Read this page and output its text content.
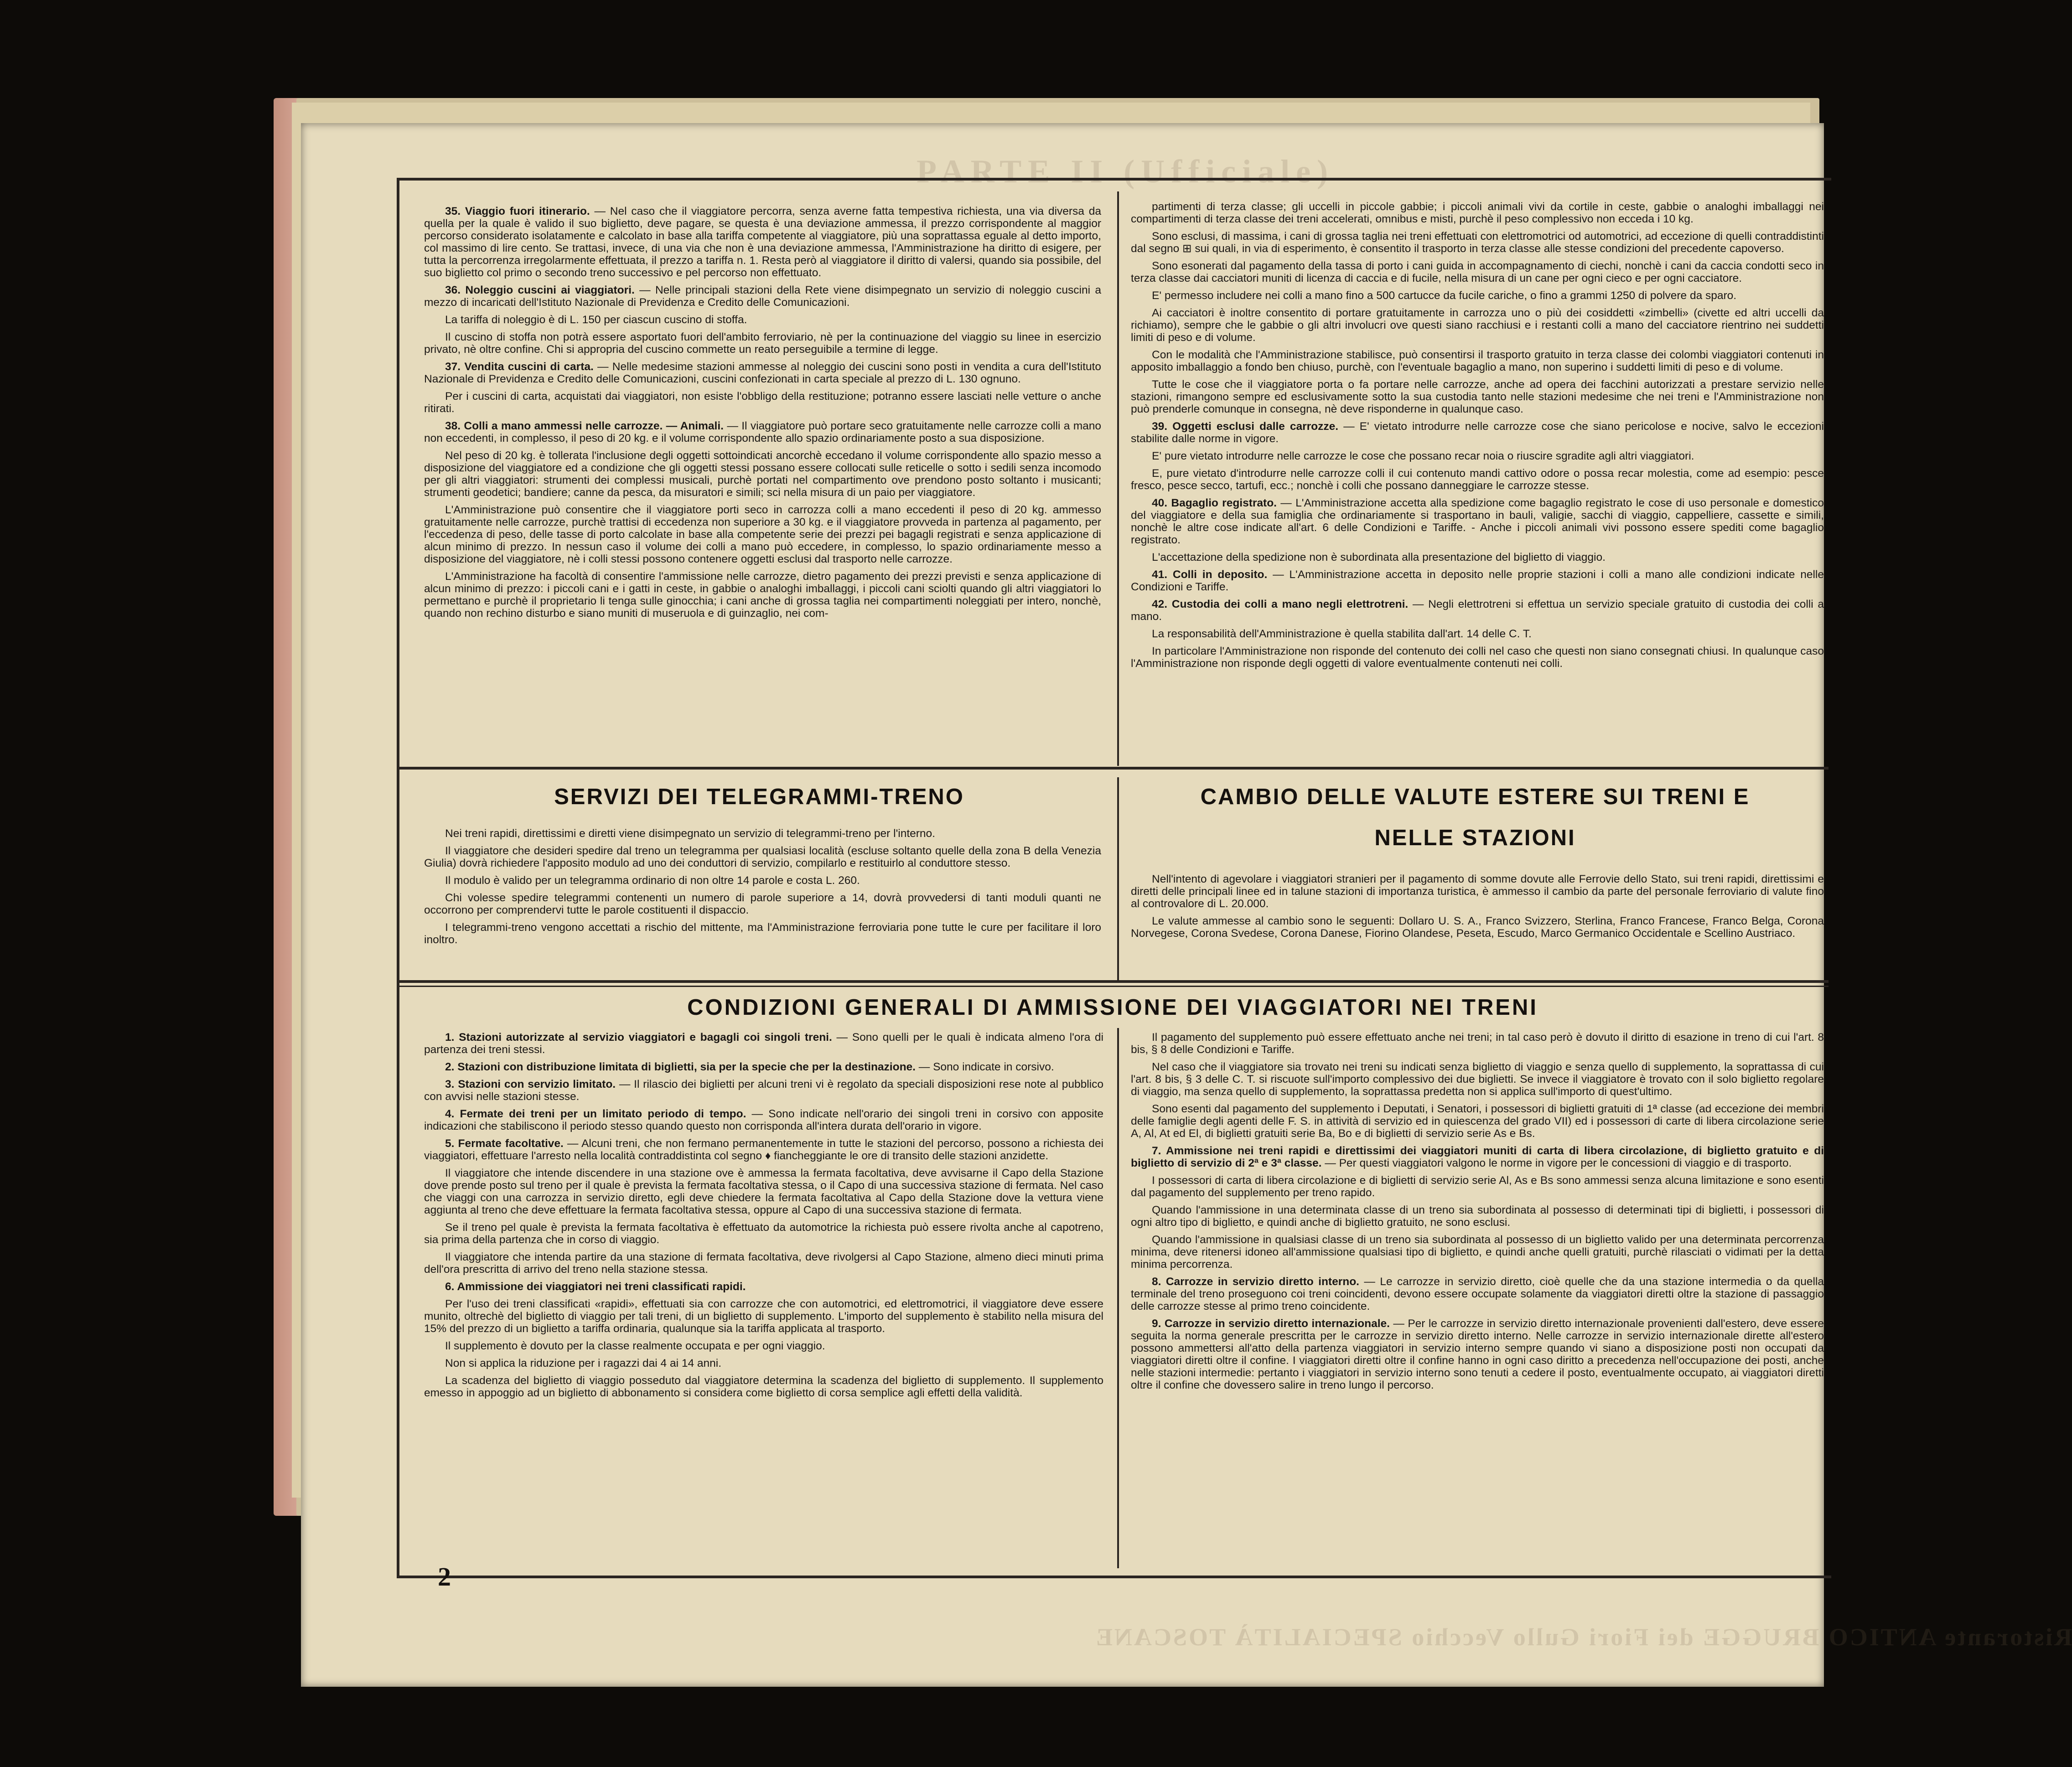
PARTE II (Ufficiale)
Ristorante ANTICO BRUGGE dei Fiori Gullo Vecchio SPECIALITÀ TOSCANE

35. Viaggio fuori itinerario. — Nel caso che il viaggiatore percorra, senza averne fatta tempestiva richiesta, una via diversa da quella per la quale è valido il suo biglietto, deve pagare, se questa è una deviazione ammessa, il prezzo corrispondente al maggior percorso considerato isolatamente e calcolato in base alla tariffa competente al viaggiatore, più una soprattassa eguale al detto importo, col massimo di lire cento. Se trattasi, invece, di una via che non è una deviazione ammessa, l'Amministrazione ha diritto di esigere, per tutta la percorrenza irregolarmente effettuata, il prezzo a tariffa n. 1. Resta però al viaggiatore il diritto di valersi, quando sia possibile, del suo biglietto col primo o secondo treno successivo e pel percorso non effettuato.

36. Noleggio cuscini ai viaggiatori. — Nelle principali stazioni della Rete viene disimpegnato un servizio di noleggio cuscini a mezzo di incaricati dell'Istituto Nazionale di Previdenza e Credito delle Comunicazioni.

La tariffa di noleggio è di L. 150 per ciascun cuscino di stoffa.

Il cuscino di stoffa non potrà essere asportato fuori dell'ambito ferroviario, nè per la continuazione del viaggio su linee in esercizio privato, nè oltre confine. Chi si appropria del cuscino commette un reato perseguibile a termine di legge.

37. Vendita cuscini di carta. — Nelle medesime stazioni ammesse al noleggio dei cuscini sono posti in vendita a cura dell'Istituto Nazionale di Previdenza e Credito delle Comunicazioni, cuscini confezionati in carta speciale al prezzo di L. 130 ognuno.

Per i cuscini di carta, acquistati dai viaggiatori, non esiste l'obbligo della restituzione; potranno essere lasciati nelle vetture o anche ritirati.

38. Colli a mano ammessi nelle carrozze. — Animali. — Il viaggiatore può portare seco gratuitamente nelle carrozze colli a mano non eccedenti, in complesso, il peso di 20 kg. e il volume corrispondente allo spazio ordinariamente posto a sua disposizione.

Nel peso di 20 kg. è tollerata l'inclusione degli oggetti sottoindicati ancorchè eccedano il volume corrispondente allo spazio messo a disposizione del viaggiatore ed a condizione che gli oggetti stessi possano essere collocati sulle reticelle o sotto i sedili senza incomodo per gli altri viaggiatori: strumenti dei complessi musicali, purchè portati nel compartimento ove prendono posto soltanto i musicanti; strumenti geodetici; bandiere; canne da pesca, da misuratori e simili; sci nella misura di un paio per viaggiatore.

L'Amministrazione può consentire che il viaggiatore porti seco in carrozza colli a mano eccedenti il peso di 20 kg. ammesso gratuitamente nelle carrozze, purchè trattisi di eccedenza non superiore a 30 kg. e il viaggiatore provveda in partenza al pagamento, per l'eccedenza di peso, delle tasse di porto calcolate in base alla competente serie dei prezzi pei bagagli registrati e senza applicazione di alcun minimo di prezzo. In nessun caso il volume dei colli a mano può eccedere, in complesso, lo spazio ordinariamente messo a disposizione del viaggiatore, nè i colli stessi possono contenere oggetti esclusi dal trasporto nelle carrozze.

L'Amministrazione ha facoltà di consentire l'ammissione nelle carrozze, dietro pagamento dei prezzi previsti e senza applicazione di alcun minimo di prezzo: i piccoli cani e i gatti in ceste, in gabbie o analoghi imballaggi, i piccoli cani sciolti quando gli altri viaggiatori lo permettano e purchè il proprietario li tenga sulle ginocchia; i cani anche di grossa taglia nei compartimenti noleggiati per intero, nonchè, quando non rechino disturbo e siano muniti di museruola e di guinzaglio, nei com-

partimenti di terza classe; gli uccelli in piccole gabbie; i piccoli animali vivi da cortile in ceste, gabbie o analoghi imballaggi nei compartimenti di terza classe dei treni accelerati, omnibus e misti, purchè il peso complessivo non ecceda i 10 kg.

Sono esclusi, di massima, i cani di grossa taglia nei treni effettuati con elettromotrici od automotrici, ad eccezione di quelli contraddistinti dal segno ⊞ sui quali, in via di esperimento, è consentito il trasporto in terza classe alle stesse condizioni del precedente capoverso.

Sono esonerati dal pagamento della tassa di porto i cani guida in accompagnamento di ciechi, nonchè i cani da caccia condotti seco in terza classe dai cacciatori muniti di licenza di caccia e di fucile, nella misura di un cane per ogni cieco e per ogni cacciatore.

E' permesso includere nei colli a mano fino a 500 cartucce da fucile cariche, o fino a grammi 1250 di polvere da sparo.

Ai cacciatori è inoltre consentito di portare gratuitamente in carrozza uno o più dei cosiddetti «zimbelli» (civette ed altri uccelli da richiamo), sempre che le gabbie o gli altri involucri ove questi siano racchiusi e i restanti colli a mano del cacciatore rientrino nei suddetti limiti di peso e di volume.

Con le modalità che l'Amministrazione stabilisce, può consentirsi il trasporto gratuito in terza classe dei colombi viaggiatori contenuti in apposito imballaggio a fondo ben chiuso, purchè, con l'eventuale bagaglio a mano, non superino i suddetti limiti di peso e di volume.

Tutte le cose che il viaggiatore porta o fa portare nelle carrozze, anche ad opera dei facchini autorizzati a prestare servizio nelle stazioni, rimangono sempre ed esclusivamente sotto la sua custodia tanto nelle stazioni medesime che nei treni e l'Amministrazione non può prenderle comunque in consegna, nè deve risponderne in qualunque caso.

39. Oggetti esclusi dalle carrozze. — E' vietato introdurre nelle carrozze cose che siano pericolose e nocive, salvo le eccezioni stabilite dalle norme in vigore.

E' pure vietato introdurre nelle carrozze le cose che possano recar noia o riuscire sgradite agli altri viaggiatori.

E, pure vietato d'introdurre nelle carrozze colli il cui contenuto mandi cattivo odore o possa recar molestia, come ad esempio: pesce fresco, pesce secco, tartufi, ecc.; nonchè i colli che possano danneggiare le carrozze stesse.

40. Bagaglio registrato. — L'Amministrazione accetta alla spedizione come bagaglio registrato le cose di uso personale e domestico del viaggiatore e della sua famiglia che ordinariamente si trasportano in bauli, valigie, sacchi di viaggio, cappelliere, cassette e simili, nonchè le altre cose indicate all'art. 6 delle Condizioni e Tariffe. - Anche i piccoli animali vivi possono essere spediti come bagaglio registrato.

L'accettazione della spedizione non è subordinata alla presentazione del biglietto di viaggio.

41. Colli in deposito. — L'Amministrazione accetta in deposito nelle proprie stazioni i colli a mano alle condizioni indicate nelle Condizioni e Tariffe.

42. Custodia dei colli a mano negli elettrotreni. — Negli elettrotreni si effettua un servizio speciale gratuito di custodia dei colli a mano.

La responsabilità dell'Amministrazione è quella stabilita dall'art. 14 delle C. T.

In particolare l'Amministrazione non risponde del contenuto dei colli nel caso che questi non siano consegnati chiusi. In qualunque caso l'Amministrazione non risponde degli oggetti di valore eventualmente contenuti nei colli.

SERVIZI DEI TELEGRAMMI-TRENO

Nei treni rapidi, direttissimi e diretti viene disimpegnato un servizio di telegrammi-treno per l'interno.

Il viaggiatore che desideri spedire dal treno un telegramma per qualsiasi località (escluse soltanto quelle della zona B della Venezia Giulia) dovrà richiedere l'apposito modulo ad uno dei conduttori di servizio, compilarlo e restituirlo al conduttore stesso.

Il modulo è valido per un telegramma ordinario di non oltre 14 parole e costa L. 260.

Chi volesse spedire telegrammi contenenti un numero di parole superiore a 14, dovrà provvedersi di tanti moduli quanti ne occorrono per comprendervi tutte le parole costituenti il dispaccio.

I telegrammi-treno vengono accettati a rischio del mittente, ma l'Amministrazione ferroviaria pone tutte le cure per facilitare il loro inoltro.

CAMBIO DELLE VALUTE ESTERE SUI TRENI E
NELLE STAZIONI

Nell'intento di agevolare i viaggiatori stranieri per il pagamento di somme dovute alle Ferrovie dello Stato, sui treni rapidi, direttissimi e diretti delle principali linee ed in talune stazioni di importanza turistica, è ammesso il cambio da parte del personale ferroviario di valute fino al controvalore di L. 20.000.

Le valute ammesse al cambio sono le seguenti: Dollaro U. S. A., Franco Svizzero, Sterlina, Franco Francese, Franco Belga, Corona Norvegese, Corona Svedese, Corona Danese, Fiorino Olandese, Peseta, Escudo, Marco Germanico Occidentale e Scellino Austriaco.

CONDIZIONI GENERALI DI AMMISSIONE DEI VIAGGIATORI NEI TRENI

1. Stazioni autorizzate al servizio viaggiatori e bagagli coi singoli treni. — Sono quelli per le quali è indicata almeno l'ora di partenza dei treni stessi.

2. Stazioni con distribuzione limitata di biglietti, sia per la specie che per la destinazione. — Sono indicate in corsivo.

3. Stazioni con servizio limitato. — Il rilascio dei biglietti per alcuni treni vi è regolato da speciali disposizioni rese note al pubblico con avvisi nelle stazioni stesse.

4. Fermate dei treni per un limitato periodo di tempo. — Sono indicate nell'orario dei singoli treni in corsivo con apposite indicazioni che stabiliscono il periodo stesso quando questo non corrisponda all'intera durata dell'orario in vigore.

5. Fermate facoltative. — Alcuni treni, che non fermano permanentemente in tutte le stazioni del percorso, possono a richiesta dei viaggiatori, effettuare l'arresto nella località contraddistinta col segno ♦ fiancheggiante le ore di transito delle stazioni anzidette.

Il viaggiatore che intende discendere in una stazione ove è ammessa la fermata facoltativa, deve avvisarne il Capo della Stazione dove prende posto sul treno per il quale è prevista la fermata facoltativa stessa, o il Capo di una successiva stazione di fermata. Nel caso che viaggi con una carrozza in servizio diretto, egli deve chiedere la fermata facoltativa al Capo della Stazione dove la vettura viene aggiunta al treno che deve effettuare la fermata facoltativa stessa, oppure al Capo di una successiva stazione di fermata.

Se il treno pel quale è prevista la fermata facoltativa è effettuato da automotrice la richiesta può essere rivolta anche al capotreno, sia prima della partenza che in corso di viaggio.

Il viaggiatore che intenda partire da una stazione di fermata facoltativa, deve rivolgersi al Capo Stazione, almeno dieci minuti prima dell'ora prescritta di arrivo del treno nella stazione stessa.

6. Ammissione dei viaggiatori nei treni classificati rapidi.

Per l'uso dei treni classificati «rapidi», effettuati sia con carrozze che con automotrici, ed elettromotrici, il viaggiatore deve essere munito, oltrechè del biglietto di viaggio per tali treni, di un biglietto di supplemento. L'importo del supplemento è stabilito nella misura del 15% del prezzo di un biglietto a tariffa ordinaria, qualunque sia la tariffa applicata al trasporto.

Il supplemento è dovuto per la classe realmente occupata e per ogni viaggio.

Non si applica la riduzione per i ragazzi dai 4 ai 14 anni.

La scadenza del biglietto di viaggio posseduto dal viaggiatore determina la scadenza del biglietto di supplemento. Il supplemento emesso in appoggio ad un biglietto di abbonamento si considera come biglietto di corsa semplice agli effetti della validità.

Il pagamento del supplemento può essere effettuato anche nei treni; in tal caso però è dovuto il diritto di esazione in treno di cui l'art. 8 bis, § 8 delle Condizioni e Tariffe.

Nel caso che il viaggiatore sia trovato nei treni su indicati senza biglietto di viaggio e senza quello di supplemento, la soprattassa di cui l'art. 8 bis, § 3 delle C. T. si riscuote sull'importo complessivo dei due biglietti. Se invece il viaggiatore è trovato con il solo biglietto regolare di viaggio, ma senza quello di supplemento, la soprattassa predetta non si applica sull'importo di quest'ultimo.

Sono esenti dal pagamento del supplemento i Deputati, i Senatori, i possessori di biglietti gratuiti di 1ª classe (ad eccezione dei membri delle famiglie degli agenti delle F. S. in attività di servizio ed in quiescenza del grado VII) ed i possessori di carte di libera circolazione serie A, Al, At ed El, di biglietti gratuiti serie Ba, Bo e di biglietti di servizio serie As e Bs.

7. Ammissione nei treni rapidi e direttissimi dei viaggiatori muniti di carta di libera circolazione, di biglietto gratuito e di biglietto di servizio di 2ª e 3ª classe. — Per questi viaggiatori valgono le norme in vigore per le concessioni di viaggio e di trasporto.

I possessori di carta di libera circolazione e di biglietti di servizio serie Al, As e Bs sono ammessi senza alcuna limitazione e sono esenti dal pagamento del supplemento per treno rapido.

Quando l'ammissione in una determinata classe di un treno sia subordinata al possesso di determinati tipi di biglietti, i possessori di ogni altro tipo di biglietto, e quindi anche di biglietto gratuito, ne sono esclusi.

Quando l'ammissione in qualsiasi classe di un treno sia subordinata al possesso di un biglietto valido per una determinata percorrenza minima, deve ritenersi idoneo all'ammissione qualsiasi tipo di biglietto, e quindi anche quelli gratuiti, purchè rilasciati o vidimati per la detta minima percorrenza.

8. Carrozze in servizio diretto interno. — Le carrozze in servizio diretto, cioè quelle che da una stazione intermedia o da quella terminale del treno proseguono coi treni coincidenti, devono essere occupate solamente da viaggiatori diretti oltre la stazione di passaggio delle carrozze stesse al primo treno coincidente.

9. Carrozze in servizio diretto internazionale. — Per le carrozze in servizio diretto internazionale provenienti dall'estero, deve essere seguita la norma generale prescritta per le carrozze in servizio diretto interno. Nelle carrozze in servizio internazionale dirette all'estero possono ammettersi all'atto della partenza viaggiatori in servizio interno sempre quando vi siano a disposizione posti non occupati da viaggiatori diretti oltre il confine. I viaggiatori diretti oltre il confine hanno in ogni caso diritto a precedenza nell'occupazione dei posti, anche nelle stazioni intermedie: pertanto i viaggiatori in servizio interno sono tenuti a cedere il posto, eventualmente occupato, ai viaggiatori diretti oltre il confine che dovessero salire in treno lungo il percorso.

2
